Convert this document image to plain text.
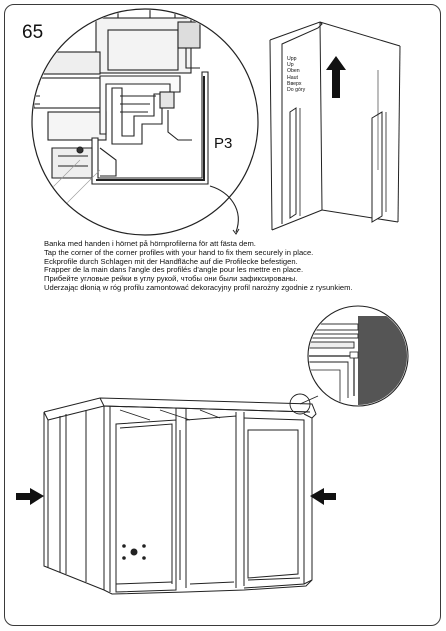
65
P3
Upp
Up
Oben
Haut
Вверх
Do góry
Banka med handen i hörnet på hörnprofilerna för att fästa dem.
Tap the corner of the corner profiles with your hand to fix them securely in place.
Eckprofile durch Schlagen mit der Handfläche auf die Profilecke befestigen.
Frapper de la main dans l'angle des profilés d'angle pour les mettre en place.
Прибейте угловые рейки в углу рукой, чтобы они были зафиксированы.
Uderzając dłonią w róg profilu zamontować dekoracyjny profil narożny zgodnie z rysunkiem.
